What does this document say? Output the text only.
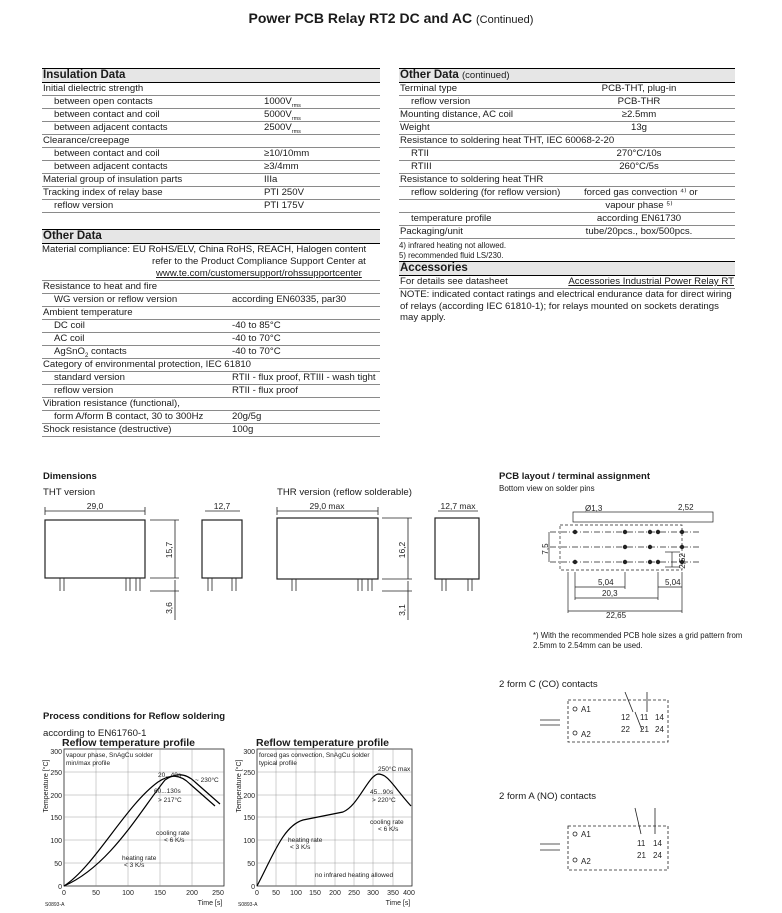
Power PCB Relay RT2 DC and AC (Continued)
Insulation Data
Initial dielectric strength
between open contacts	$1000V_{rms}$
between contact and coil	$5000V_{rms}$
between adjacent contacts	$2500V_{rms}$
Clearance/creepage
between contact and coil	≥10/10mm
between adjacent contacts	≥3/4mm
Material group of insulation parts	IIIa
Tracking index of relay base	PTI 250V
reflow version	PTI 175V
Other Data
Material compliance: EU RoHS/ELV, China RoHS, REACH, Halogen content
refer to the Product Compliance Support Center at
www.te.com/customersupport/rohssupportcenter
Resistance to heat and fire
WG version or reflow version	according EN60335, par30
Ambient temperature
DC coil	-40 to 85°C
AC coil	-40 to 70°C
AgSnO$_2$ contacts	-40 to 70°C
Category of environmental protection, IEC 61810
standard version	RTII - flux proof, RTIII - wash tight
reflow version	RTII - flux proof
Vibration resistance (functional),
form A/form B contact, 30 to 300Hz	20g/5g
Shock resistance (destructive)	100g
Other Data (continued)
Terminal type	PCB-THT, plug-in
reflow version	PCB-THR
Mounting distance, AC coil	≥2.5mm
Weight	13g
Resistance to soldering heat THT, IEC 60068-2-20
RTII	270°C/10s
RTIII	260°C/5s
Resistance to soldering heat THR
reflow soldering (for reflow version) forced gas convection ⁴⁾ or
vapour phase ⁵⁾
temperature profile	according EN61730
Packaging/unit	tube/20pcs., box/500pcs.
4) infrared heating not allowed.
5) recommended fluid LS/230.
Accessories
For details see datasheet	Accessories Industrial Power Relay RT
NOTE: indicated contact ratings and electrical endurance data for direct wiring of relays (according IEC 61810-1); for relays mounted on sockets deratings may apply.
Dimensions
THT version	THR version (reflow solderable)
29,0	12,7
15,7
3,6
29,0 max	12,7 max
16,2
3,1
PCB layout / terminal assignment
Bottom view on solder pins
Ø1,3	2,52
7,5
2,52
5,04	5,04
20,3
22,65
*) With the recommended PCB hole sizes a grid pattern from 2.5mm to 2.54mm can be used.
2 form C (CO) contacts
A1
A2
12 11 14
22 21 24
2 form A (NO) contacts
A1
A2
11 14
21 24
Process conditions for Reflow soldering
according to EN61760-1
Reflow temperature profile
vapour phase, SnAgCu solder
min/max profile
20...40s
~ 230°C
60...130s
> 217°C
cooling rate
< 6 K/s
heating rate
< 3 K/s
S0893-A
0
50
100
150
200
250
300
0	50	100	150	200 250
Time [s]
Temperature [°C]
Reflow temperature profile
forced gas convection, SnAgCu solder
typical profile
250°C max
45...90s
> 220°C
cooling rate
< 6 K/s
heating rate
< 3 K/s
no infrared heating allowed
S0893-A
0
50
100
150
200
250
300
0 50 100 150 200 250 300 350 400
Time [s]
Temperature [°C]
